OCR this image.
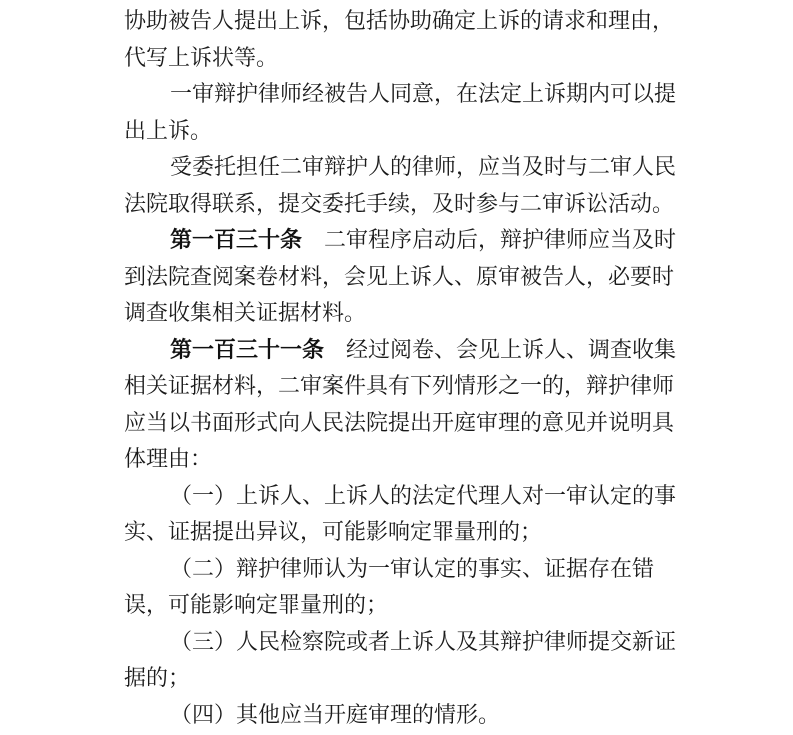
协助被告人提出上诉，包括协助确定上诉的请求和理由，
代写上诉状等。
一审辩护律师经被告人同意，在法定上诉期内可以提
出上诉。
受委托担任二审辩护人的律师，应当及时与二审人民
法院取得联系，提交委托手续，及时参与二审诉讼活动。
第一百三十条 二审程序启动后，辩护律师应当及时
到法院查阅案卷材料，会见上诉人、原审被告人，必要时
调查收集相关证据材料。
第一百三十一条 经过阅卷、会见上诉人、调查收集
相关证据材料，二审案件具有下列情形之一的，辩护律师
应当以书面形式向人民法院提出开庭审理的意见并说明具
体理由：
（一）上诉人、上诉人的法定代理人对一审认定的事
实、证据提出异议，可能影响定罪量刑的；
（二）辩护律师认为一审认定的事实、证据存在错
误，可能影响定罪量刑的；
（三）人民检察院或者上诉人及其辩护律师提交新证
据的；
（四）其他应当开庭审理的情形。
